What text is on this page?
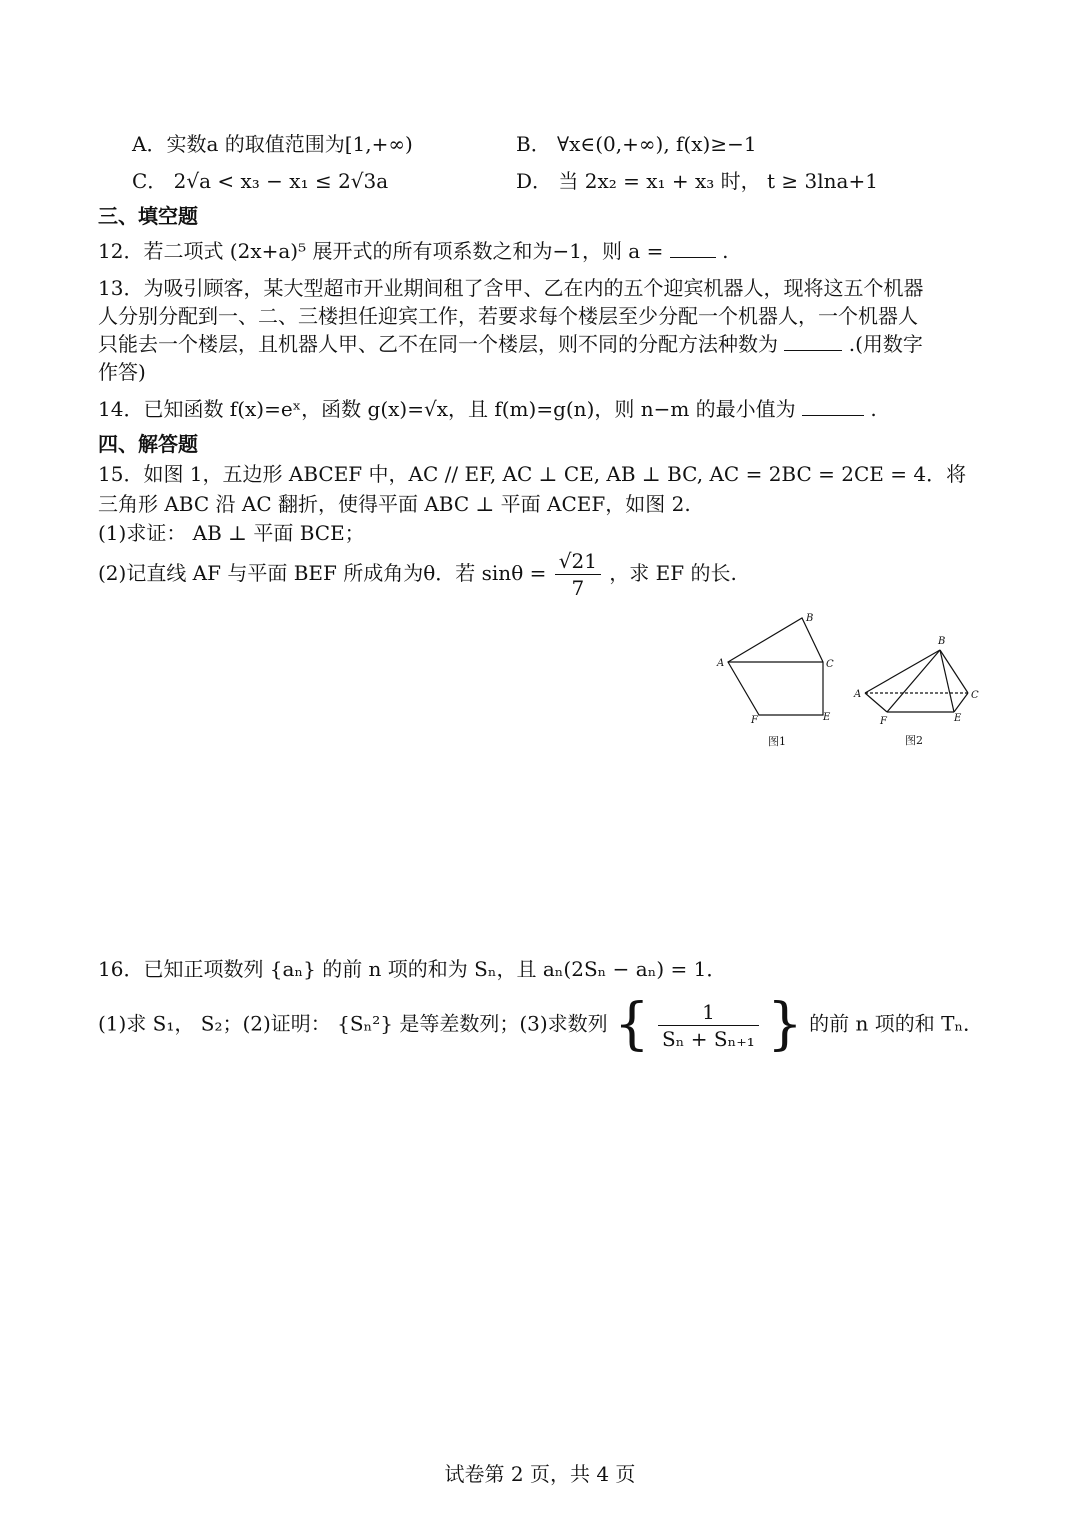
A．实数a 的取值范围为[1,+∞)	B． ∀x∈(0,+∞), f(x)≥−1
C． 2√a < x₃ − x₁ ≤ 2√3a	D． 当 2x₂ = x₁ + x₃ 时， t ≥ 3lna+1
三、填空题
12．若二项式 (2x+a)⁵ 展开式的所有项系数之和为−1，则 a =	.
13．为吸引顾客，某大型超市开业期间租了含甲、乙在内的五个迎宾机器人，现将这五个机器
人分别分配到一、二、三楼担任迎宾工作，若要求每个楼层至少分配一个机器人，一个机器人
只能去一个楼层，且机器人甲、乙不在同一个楼层，则不同的分配方法种数为	.(用数字
作答)
14．已知函数 f(x)=eˣ，函数 g(x)=√x，且 f(m)=g(n)，则 n−m 的最小值为	.
四、解答题
15．如图 1，五边形 ABCEF 中，AC // EF, AC ⊥ CE, AB ⊥ BC, AC = 2BC = 2CE = 4．将
三角形 ABC 沿 AC 翻折，使得平面 ABC ⊥ 平面 ACEF，如图 2.
(1)求证： AB ⊥ 平面 BCE；
(2)记直线 AF 与平面 BEF 所成角为θ．若 $\sin\theta = \frac{√21}{7}$ ，求 EF 的长.
B
A	C
F	E
图1
B
A	C
F	E
图2
16．已知正项数列 {aₙ} 的前 n 项的和为 Sₙ，且 aₙ(2Sₙ − aₙ) = 1．
(1)求 S₁， S₂；(2)证明： {Sₙ²} 是等差数列；(3)求数列 { $\frac{1}{\text{Sₙ + Sₙ₊₁}}$ } 的前 n 项的和 Tₙ．
试卷第 2 页，共 4 页
